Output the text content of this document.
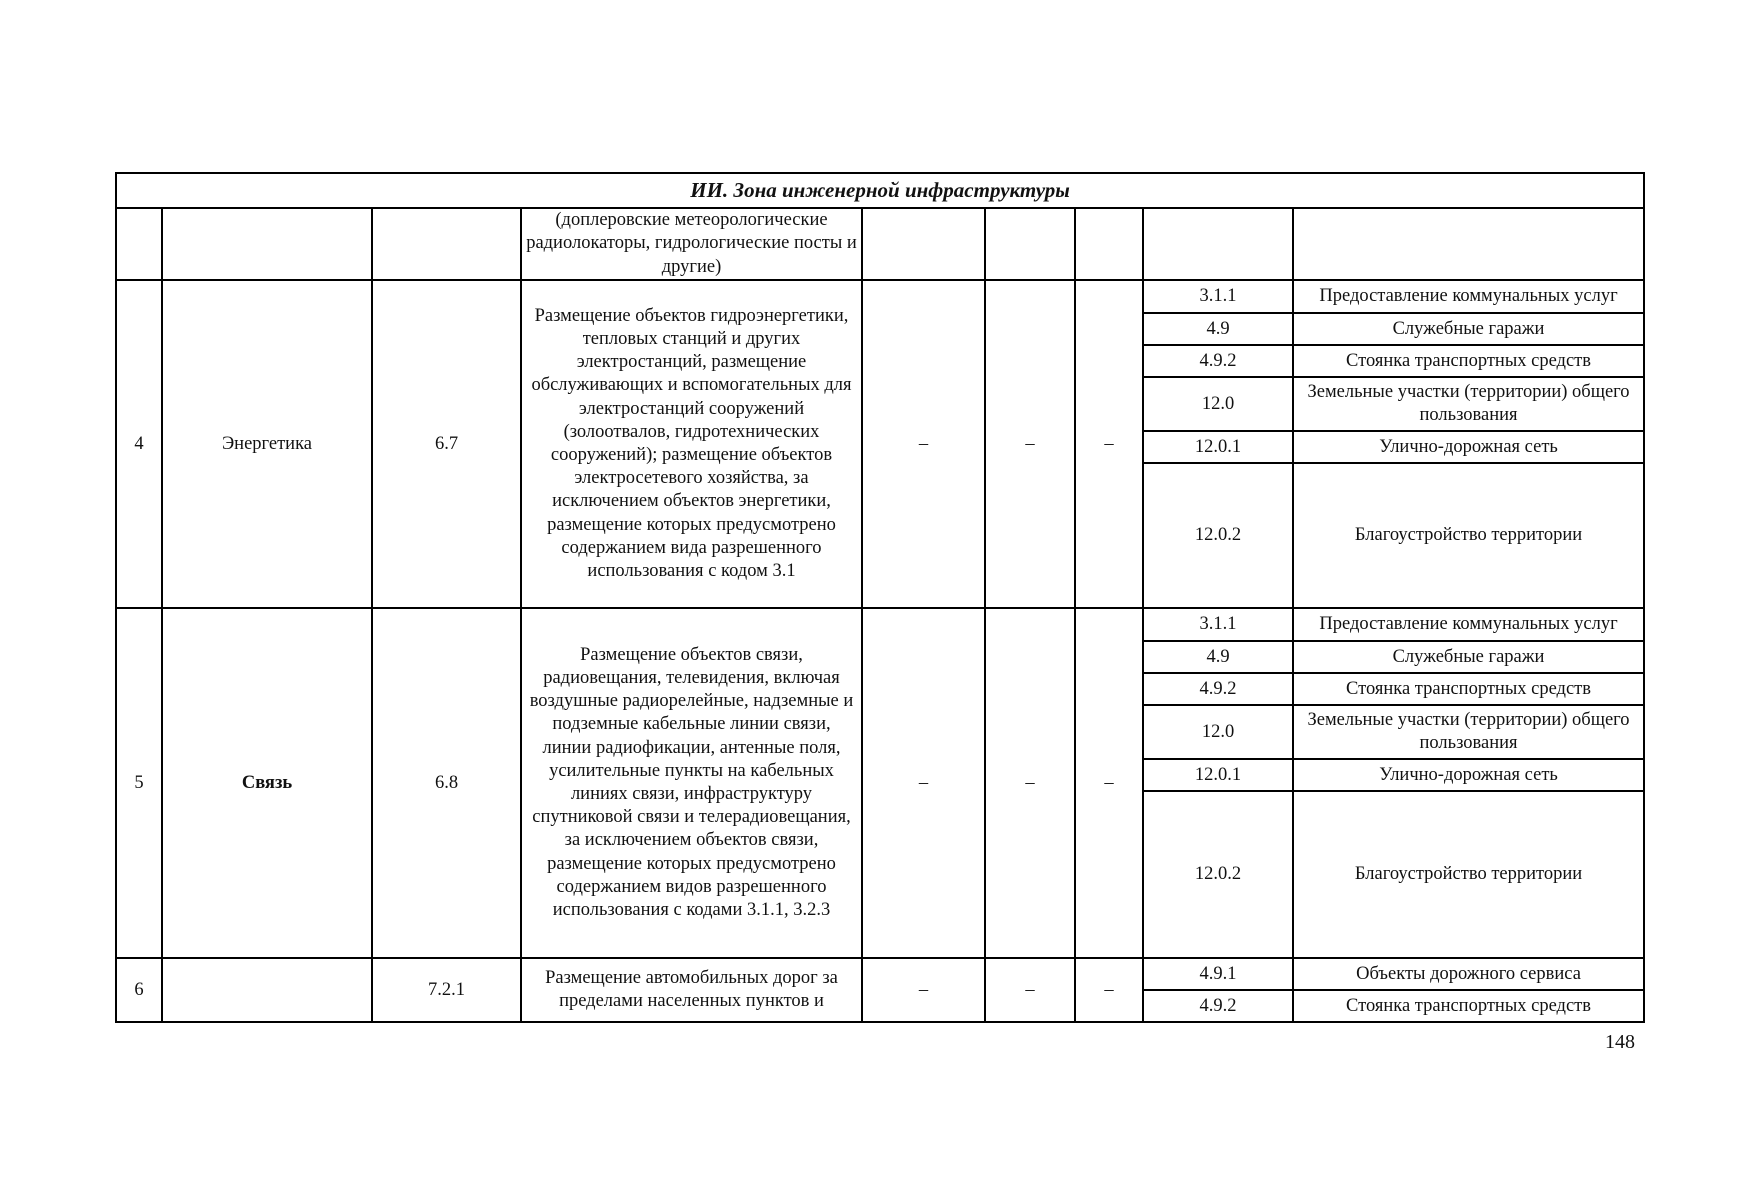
ИИ. Зона инженерной инфраструктуры								
			(доплеровские метеорологические радиолокаторы, гидрологические посты и другие)					
4	Энергетика	6.7	Размещение объектов гидроэнергетики, тепловых станций и других электростанций, размещение обслуживающих и вспомогательных для электростанций сооружений (золоотвалов, гидротехнических сооружений); размещение объектов электросетевого хозяйства, за исключением объектов энергетики, размещение которых предусмотрено содержанием вида разрешенного использования с кодом 3.1	–	–	–	3.1.1	Предоставление коммунальных услуг
							4.9	Служебные гаражи
							4.9.2	Стоянка транспортных средств
							12.0	Земельные участки (территории) общего пользования
							12.0.1	Улично-дорожная сеть
							12.0.2	Благоустройство территории
5	Связь	6.8	Размещение объектов связи, радиовещания, телевидения, включая воздушные радиорелейные, надземные и подземные кабельные линии связи, линии радиофикации, антенные поля, усилительные пункты на кабельных линиях связи, инфраструктуру спутниковой связи и телерадиовещания, за исключением объектов связи, размещение которых предусмотрено содержанием видов разрешенного использования с кодами 3.1.1, 3.2.3	–	–	–	3.1.1	Предоставление коммунальных услуг
							4.9	Служебные гаражи
							4.9.2	Стоянка транспортных средств
							12.0	Земельные участки (территории) общего пользования
							12.0.1	Улично-дорожная сеть
							12.0.2	Благоустройство территории
6		7.2.1	Размещение автомобильных дорог за пределами населенных пунктов и	–	–	–	4.9.1	Объекты дорожного сервиса
							4.9.2	Стоянка транспортных средств
148
